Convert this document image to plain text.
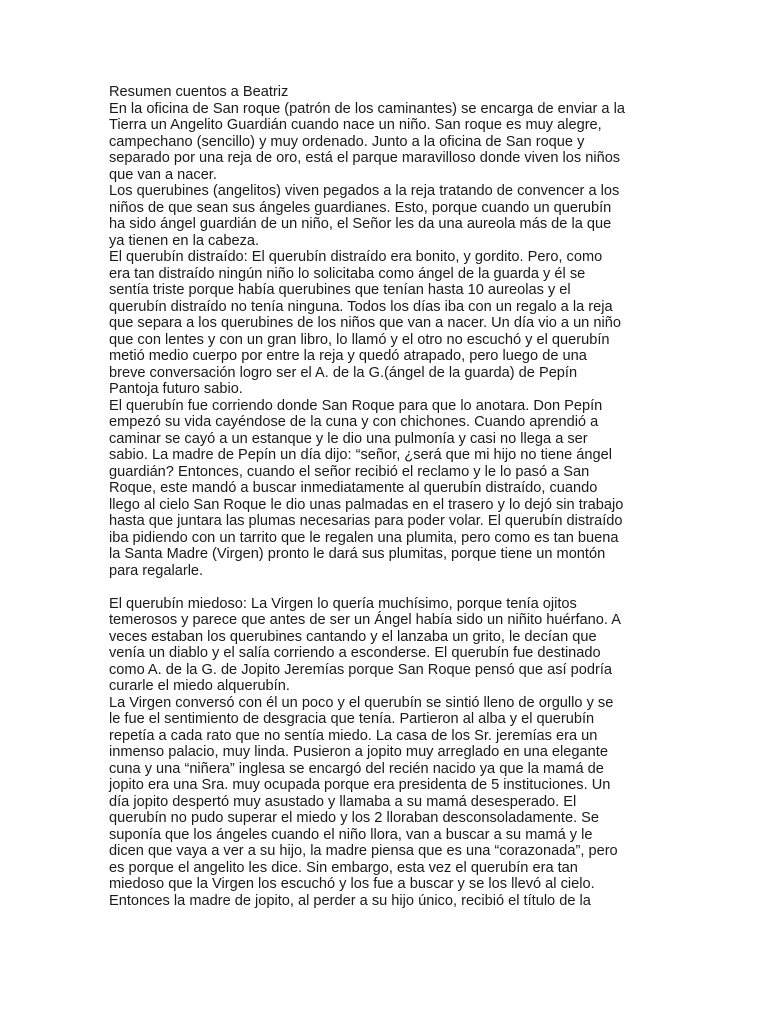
Resumen cuentos a Beatriz

En la oficina de San roque (patrón de los caminantes) se encarga de enviar a la

Tierra un Angelito Guardián cuando nace un niño. San roque es muy alegre,

campechano (sencillo) y muy ordenado. Junto a la oficina de San roque y

separado por una reja de oro, está el parque maravilloso donde viven los niños

que van a nacer.

Los querubines (angelitos) viven pegados a la reja tratando de convencer a los

niños de que sean sus ángeles guardianes. Esto, porque cuando un querubín

ha sido ángel guardián de un niño, el Señor les da una aureola más de la que

ya tienen en la cabeza.

El querubín distraído: El querubín distraído era bonito, y gordito. Pero, como

era tan distraído ningún niño lo solicitaba como ángel de la guarda y él se

sentía triste porque había querubines que tenían hasta 10 aureolas y el

querubín distraído no tenía ninguna. Todos los días iba con un regalo a la reja

que separa a los querubines de los niños que van a nacer. Un día vio a un niño

que con lentes y con un gran libro, lo llamó y el otro no escuchó y el querubín

metió medio cuerpo por entre la reja y quedó atrapado, pero luego de una

breve conversación logro ser el A. de la G.(ángel de la guarda) de Pepín

Pantoja futuro sabio.

El querubín fue corriendo donde San Roque para que lo anotara. Don Pepín

empezó su vida cayéndose de la cuna y con chichones. Cuando aprendió a

caminar se cayó a un estanque y le dio una pulmonía y casi no llega a ser

sabio. La madre de Pepín un día dijo: “señor, ¿será que mi hijo no tiene ángel

guardián? Entonces, cuando el señor recibió el reclamo y le lo pasó a San

Roque, este mandó a buscar inmediatamente al querubín distraído, cuando

llego al cielo San Roque le dio unas palmadas en el trasero y lo dejó sin trabajo

hasta que juntara las plumas necesarias para poder volar. El querubín distraído

iba pidiendo con un tarrito que le regalen una plumita, pero como es tan buena

la Santa Madre (Virgen) pronto le dará sus plumitas, porque tiene un montón

para regalarle.

El querubín miedoso: La Virgen lo quería muchísimo, porque tenía ojitos

temerosos y parece que antes de ser un Ángel había sido un niñito huérfano. A

veces estaban los querubines cantando y el lanzaba un grito, le decían que

venía un diablo y el salía corriendo a esconderse. El querubín fue destinado

como A. de la G. de Jopito Jeremías porque San Roque pensó que así podría

curarle el miedo alquerubín.

La Virgen conversó con él un poco y el querubín se sintió lleno de orgullo y se

le fue el sentimiento de desgracia que tenía. Partieron al alba y el querubín

repetía a cada rato que no sentía miedo. La casa de los Sr. jeremías era un

inmenso palacio, muy linda. Pusieron a jopito muy arreglado en una elegante

cuna y una “niñera” inglesa se encargó del recién nacido ya que la mamá de

jopito era una Sra. muy ocupada porque era presidenta de 5 instituciones. Un

día jopito despertó muy asustado y llamaba a su mamá desesperado. El

querubín no pudo superar el miedo y los 2 lloraban desconsoladamente. Se

suponía que los ángeles cuando el niño llora, van a buscar a su mamá y le

dicen que vaya a ver a su hijo, la madre piensa que es una “corazonada”, pero

es porque el angelito les dice. Sin embargo, esta vez el querubín era tan

miedoso que la Virgen los escuchó y los fue a buscar y se los llevó al cielo.

Entonces la madre de jopito, al perder a su hijo único, recibió el título de la
